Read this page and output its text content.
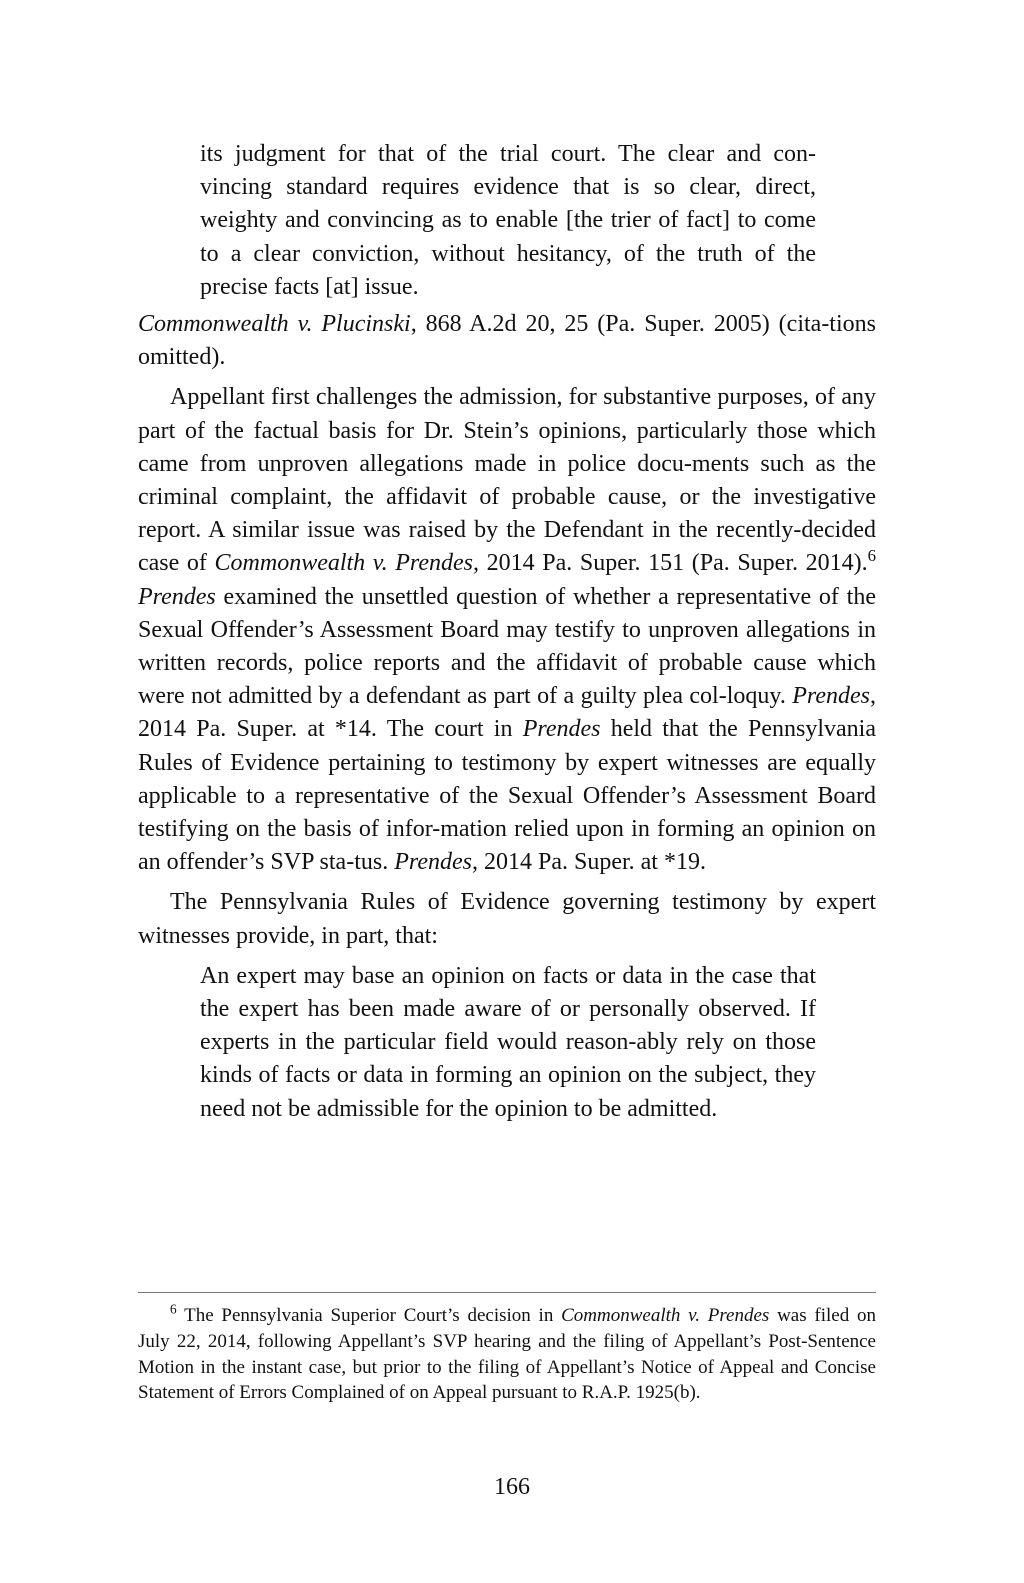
its judgment for that of the trial court. The clear and con-vincing standard requires evidence that is so clear, direct, weighty and convincing as to enable [the trier of fact] to come to a clear conviction, without hesitancy, of the truth of the precise facts [at] issue.

Commonwealth v. Plucinski, 868 A.2d 20, 25 (Pa. Super. 2005) (cita-tions omitted).

Appellant first challenges the admission, for substantive purposes, of any part of the factual basis for Dr. Stein’s opinions, particularly those which came from unproven allegations made in police docu-ments such as the criminal complaint, the affidavit of probable cause, or the investigative report. A similar issue was raised by the Defendant in the recently-decided case of Commonwealth v. Prendes, 2014 Pa. Super. 151 (Pa. Super. 2014).$^6$ Prendes examined the unsettled question of whether a representative of the Sexual Offender’s Assessment Board may testify to unproven allegations in written records, police reports and the affidavit of probable cause which were not admitted by a defendant as part of a guilty plea col-loquy. Prendes, 2014 Pa. Super. at *14. The court in Prendes held that the Pennsylvania Rules of Evidence pertaining to testimony by expert witnesses are equally applicable to a representative of the Sexual Offender’s Assessment Board testifying on the basis of infor-mation relied upon in forming an opinion on an offender’s SVP sta-tus. Prendes, 2014 Pa. Super. at *19.

The Pennsylvania Rules of Evidence governing testimony by expert witnesses provide, in part, that:

An expert may base an opinion on facts or data in the case that the expert has been made aware of or personally observed. If experts in the particular field would reason-ably rely on those kinds of facts or data in forming an opinion on the subject, they need not be admissible for the opinion to be admitted.

$^6$ The Pennsylvania Superior Court’s decision in Commonwealth v. Prendes was filed on July 22, 2014, following Appellant’s SVP hearing and the filing of Appellant’s Post-Sentence Motion in the instant case, but prior to the filing of Appellant’s Notice of Appeal and Concise Statement of Errors Complained of on Appeal pursuant to R.A.P. 1925(b).

166
